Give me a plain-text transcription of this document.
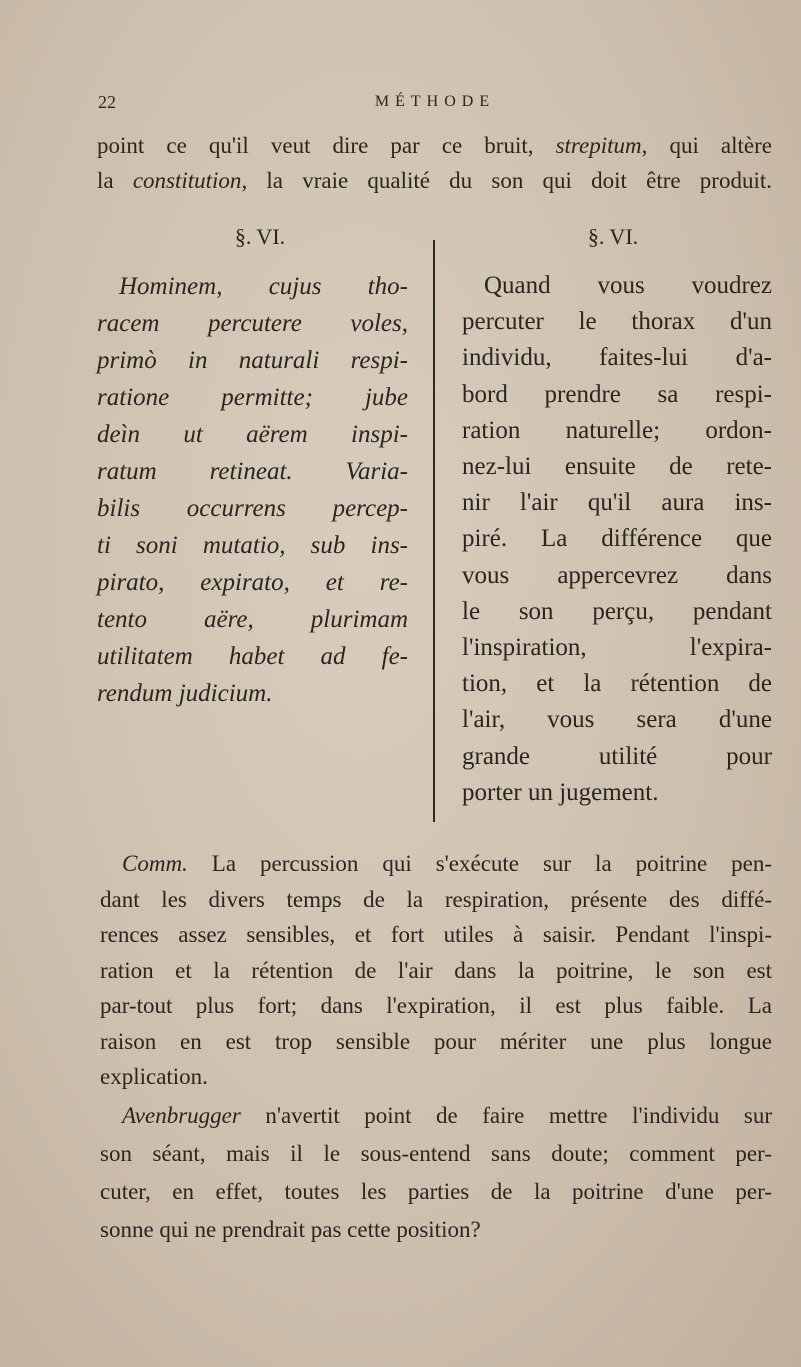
22	MÉTHODE
point ce qu'il veut dire par ce bruit, strepitum, qui altère
la constitution, la vraie qualité du son qui doit être produit.
§. VI.	§. VI.
Hominem, cujus tho-
racem percutere voles,
primò in naturali respi-
ratione permitte; jube
deìn ut aërem inspi-
ratum retineat. Varia-
bilis occurrens percep-
ti soni mutatio, sub ins-
pirato, expirato, et re-
tento aëre, plurimam
utilitatem habet ad fe-
rendum judicium.
Quand vous voudrez
percuter le thorax d'un
individu, faites-lui d'a-
bord prendre sa respi-
ration naturelle; ordon-
nez-lui ensuite de rete-
nir l'air qu'il aura ins-
piré. La différence que
vous appercevrez dans
le son perçu, pendant
l'inspiration, l'expira-
tion, et la rétention de
l'air, vous sera d'une
grande utilité pour
porter un jugement.
Comm. La percussion qui s'exécute sur la poitrine pen-
dant les divers temps de la respiration, présente des diffé-
rences assez sensibles, et fort utiles à saisir. Pendant l'inspi-
ration et la rétention de l'air dans la poitrine, le son est
par-tout plus fort; dans l'expiration, il est plus faible. La
raison en est trop sensible pour mériter une plus longue
explication.
Avenbrugger n'avertit point de faire mettre l'individu sur
son séant, mais il le sous-entend sans doute; comment per-
cuter, en effet, toutes les parties de la poitrine d'une per-
sonne qui ne prendrait pas cette position?
